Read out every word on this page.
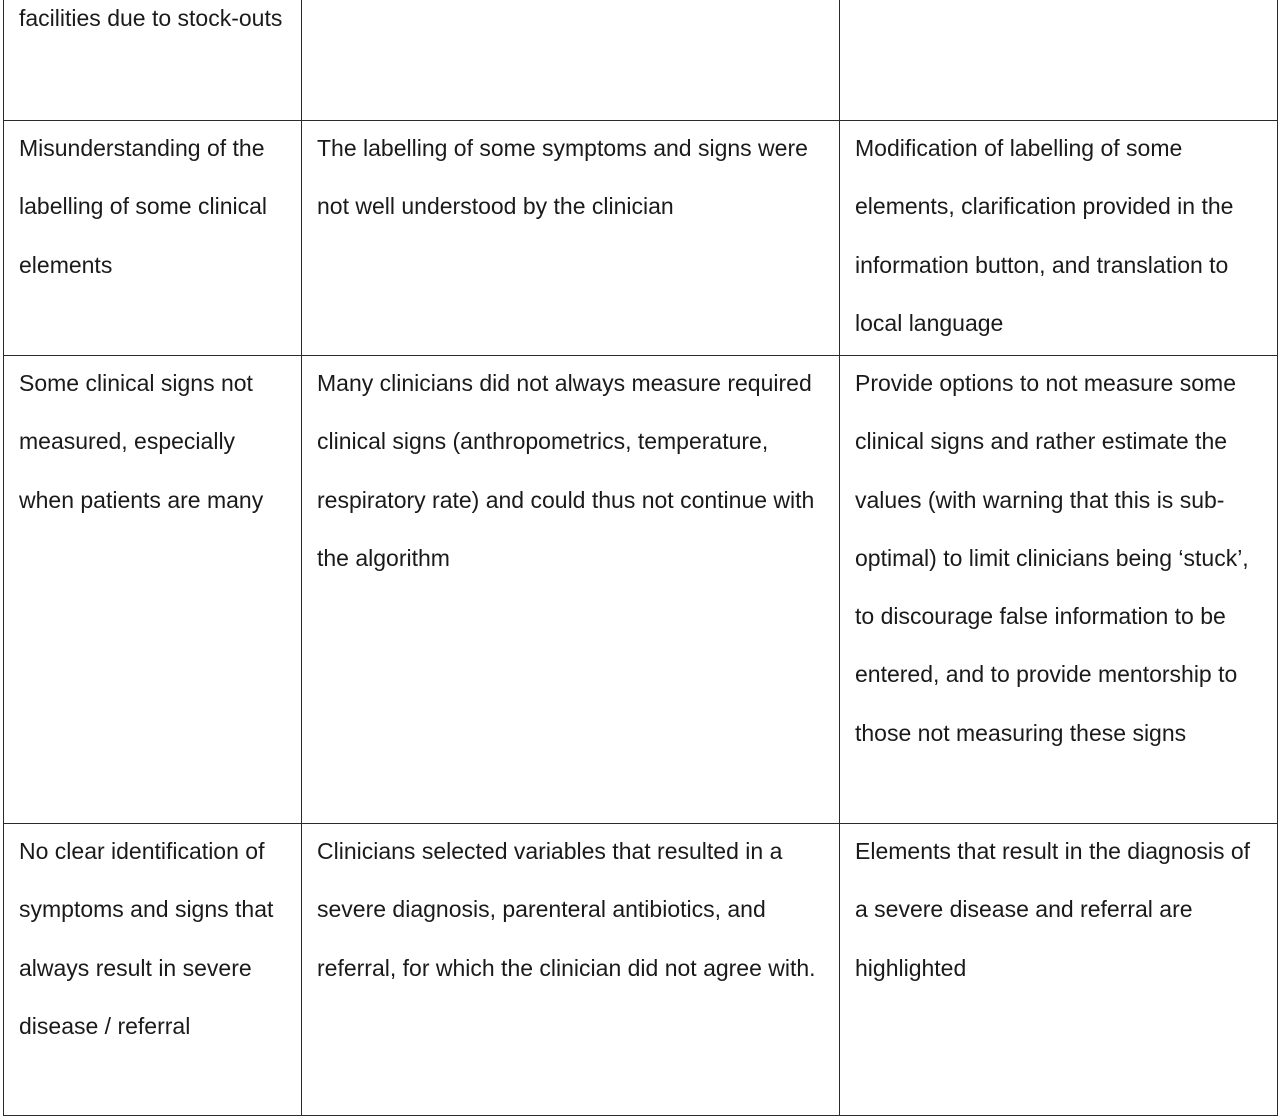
facilities due to stock-outs		

Misunderstanding of the labelling of some clinical elements	The labelling of some symptoms and signs were not well understood by the clinician	Modification of labelling of some elements, clarification provided in the information button, and translation to local language

Some clinical signs not measured, especially when patients are many	Many clinicians did not always measure required clinical signs (anthropometrics, temperature, respiratory rate) and could thus not continue with the algorithm	Provide options to not measure some clinical signs and rather estimate the values (with warning that this is sub-optimal) to limit clinicians being ‘stuck’, to discourage false information to be entered, and to provide mentorship to those not measuring these signs

No clear identification of symptoms and signs that always result in severe disease / referral	Clinicians selected variables that resulted in a severe diagnosis, parenteral antibiotics, and referral, for which the clinician did not agree with.	Elements that result in the diagnosis of a severe disease and referral are highlighted
